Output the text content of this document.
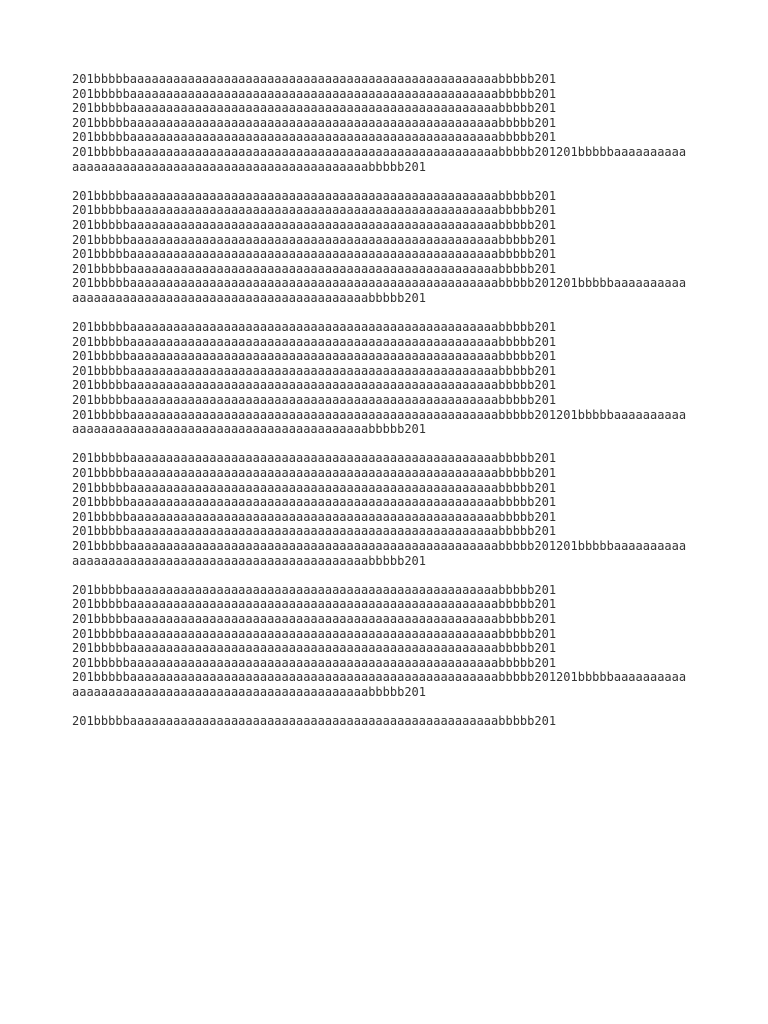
201bbbbbaaaaaaaaaaaaaaaaaaaaaaaaaaaaaaaaaaaaaaaaaaaaaaaaaaabbbbb201
201bbbbbaaaaaaaaaaaaaaaaaaaaaaaaaaaaaaaaaaaaaaaaaaaaaaaaaaabbbbb201
201bbbbbaaaaaaaaaaaaaaaaaaaaaaaaaaaaaaaaaaaaaaaaaaaaaaaaaaabbbbb201
201bbbbbaaaaaaaaaaaaaaaaaaaaaaaaaaaaaaaaaaaaaaaaaaaaaaaaaaabbbbb201
201bbbbbaaaaaaaaaaaaaaaaaaaaaaaaaaaaaaaaaaaaaaaaaaaaaaaaaaabbbbb201
201bbbbbaaaaaaaaaaaaaaaaaaaaaaaaaaaaaaaaaaaaaaaaaaaaaaaaaaabbbbb201201bbbbbaaaaaaaaaa
aaaaaaaaaaaaaaaaaaaaaaaaaaaaaaaaaaaaaaaaabbbbb201
201bbbbbaaaaaaaaaaaaaaaaaaaaaaaaaaaaaaaaaaaaaaaaaaaaaaaaaaabbbbb201
201bbbbbaaaaaaaaaaaaaaaaaaaaaaaaaaaaaaaaaaaaaaaaaaaaaaaaaaabbbbb201
201bbbbbaaaaaaaaaaaaaaaaaaaaaaaaaaaaaaaaaaaaaaaaaaaaaaaaaaabbbbb201
201bbbbbaaaaaaaaaaaaaaaaaaaaaaaaaaaaaaaaaaaaaaaaaaaaaaaaaaabbbbb201
201bbbbbaaaaaaaaaaaaaaaaaaaaaaaaaaaaaaaaaaaaaaaaaaaaaaaaaaabbbbb201
201bbbbbaaaaaaaaaaaaaaaaaaaaaaaaaaaaaaaaaaaaaaaaaaaaaaaaaaabbbbb201
201bbbbbaaaaaaaaaaaaaaaaaaaaaaaaaaaaaaaaaaaaaaaaaaaaaaaaaaabbbbb201201bbbbbaaaaaaaaaa
aaaaaaaaaaaaaaaaaaaaaaaaaaaaaaaaaaaaaaaaabbbbb201
201bbbbbaaaaaaaaaaaaaaaaaaaaaaaaaaaaaaaaaaaaaaaaaaaaaaaaaaabbbbb201
201bbbbbaaaaaaaaaaaaaaaaaaaaaaaaaaaaaaaaaaaaaaaaaaaaaaaaaaabbbbb201
201bbbbbaaaaaaaaaaaaaaaaaaaaaaaaaaaaaaaaaaaaaaaaaaaaaaaaaaabbbbb201
201bbbbbaaaaaaaaaaaaaaaaaaaaaaaaaaaaaaaaaaaaaaaaaaaaaaaaaaabbbbb201
201bbbbbaaaaaaaaaaaaaaaaaaaaaaaaaaaaaaaaaaaaaaaaaaaaaaaaaaabbbbb201
201bbbbbaaaaaaaaaaaaaaaaaaaaaaaaaaaaaaaaaaaaaaaaaaaaaaaaaaabbbbb201
201bbbbbaaaaaaaaaaaaaaaaaaaaaaaaaaaaaaaaaaaaaaaaaaaaaaaaaaabbbbb201201bbbbbaaaaaaaaaa
aaaaaaaaaaaaaaaaaaaaaaaaaaaaaaaaaaaaaaaaabbbbb201
201bbbbbaaaaaaaaaaaaaaaaaaaaaaaaaaaaaaaaaaaaaaaaaaaaaaaaaaabbbbb201
201bbbbbaaaaaaaaaaaaaaaaaaaaaaaaaaaaaaaaaaaaaaaaaaaaaaaaaaabbbbb201
201bbbbbaaaaaaaaaaaaaaaaaaaaaaaaaaaaaaaaaaaaaaaaaaaaaaaaaaabbbbb201
201bbbbbaaaaaaaaaaaaaaaaaaaaaaaaaaaaaaaaaaaaaaaaaaaaaaaaaaabbbbb201
201bbbbbaaaaaaaaaaaaaaaaaaaaaaaaaaaaaaaaaaaaaaaaaaaaaaaaaaabbbbb201
201bbbbbaaaaaaaaaaaaaaaaaaaaaaaaaaaaaaaaaaaaaaaaaaaaaaaaaaabbbbb201
201bbbbbaaaaaaaaaaaaaaaaaaaaaaaaaaaaaaaaaaaaaaaaaaaaaaaaaaabbbbb201201bbbbbaaaaaaaaaa
aaaaaaaaaaaaaaaaaaaaaaaaaaaaaaaaaaaaaaaaabbbbb201
201bbbbbaaaaaaaaaaaaaaaaaaaaaaaaaaaaaaaaaaaaaaaaaaaaaaaaaaabbbbb201
201bbbbbaaaaaaaaaaaaaaaaaaaaaaaaaaaaaaaaaaaaaaaaaaaaaaaaaaabbbbb201
201bbbbbaaaaaaaaaaaaaaaaaaaaaaaaaaaaaaaaaaaaaaaaaaaaaaaaaaabbbbb201
201bbbbbaaaaaaaaaaaaaaaaaaaaaaaaaaaaaaaaaaaaaaaaaaaaaaaaaaabbbbb201
201bbbbbaaaaaaaaaaaaaaaaaaaaaaaaaaaaaaaaaaaaaaaaaaaaaaaaaaabbbbb201
201bbbbbaaaaaaaaaaaaaaaaaaaaaaaaaaaaaaaaaaaaaaaaaaaaaaaaaaabbbbb201
201bbbbbaaaaaaaaaaaaaaaaaaaaaaaaaaaaaaaaaaaaaaaaaaaaaaaaaaabbbbb201201bbbbbaaaaaaaaaa
aaaaaaaaaaaaaaaaaaaaaaaaaaaaaaaaaaaaaaaaabbbbb201
201bbbbbaaaaaaaaaaaaaaaaaaaaaaaaaaaaaaaaaaaaaaaaaaaaaaaaaaabbbbb201
